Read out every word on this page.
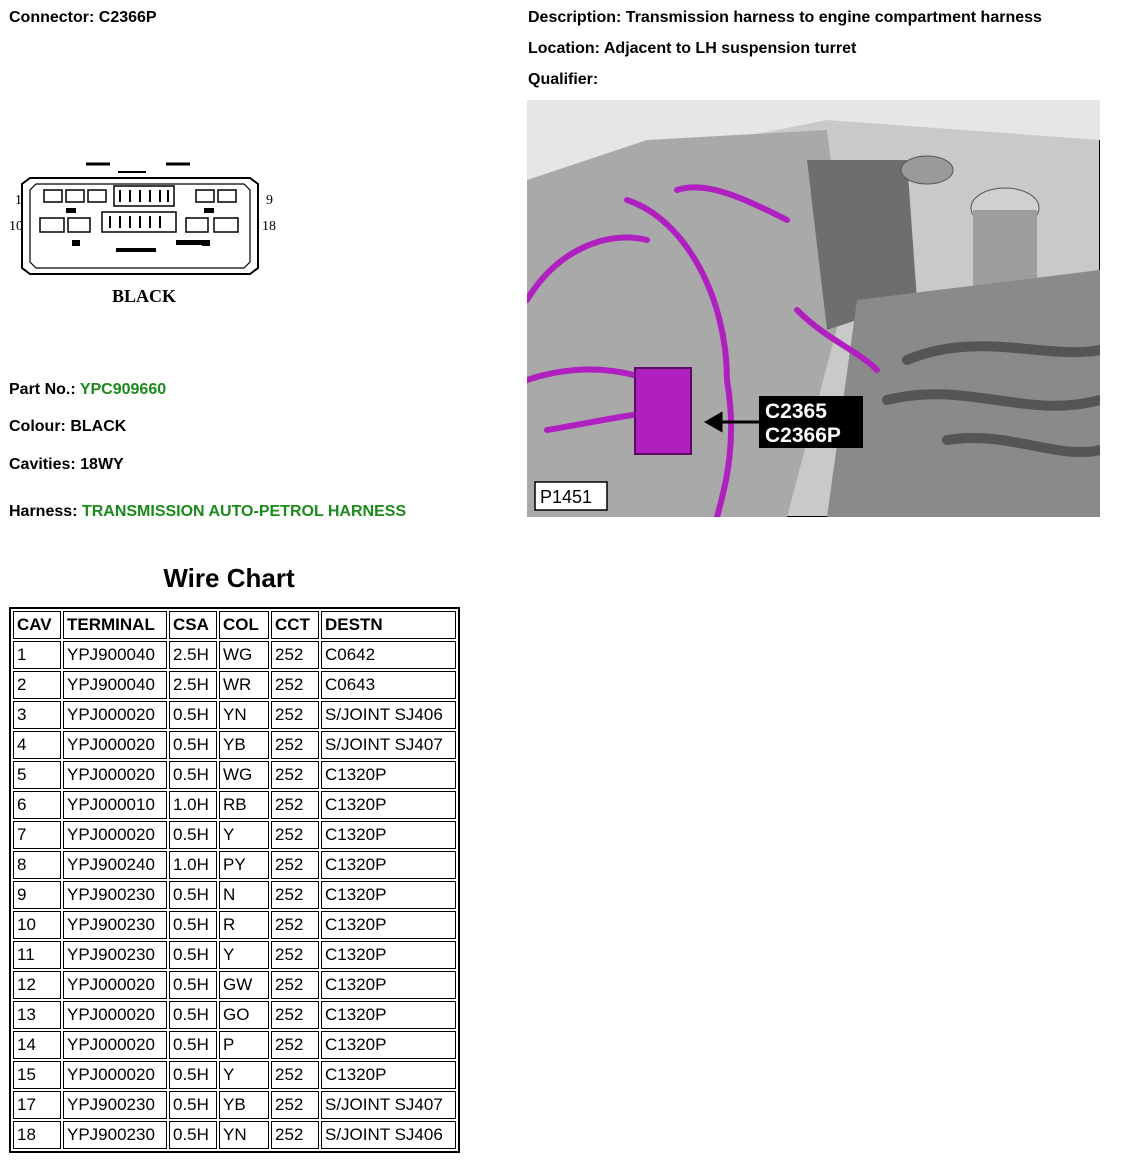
Connector: C2366P	Description: Transmission harness to engine compartment harness
Location: Adjacent to LH suspension turret
Qualifier:
1	9
10	18
BLACK
C2365
C2366P
P1451
Part No.: YPC909660
Colour: BLACK
Cavities: 18WY
Harness: TRANSMISSION AUTO-PETROL HARNESS
Wire Chart
CAV	TERMINAL	CSA	COL	CCT	DESTN
1	YPJ900040	2.5H	WG	252	C0642
2	YPJ900040	2.5H	WR	252	C0643
3	YPJ000020	0.5H	YN	252	S/JOINT SJ406
4	YPJ000020	0.5H	YB	252	S/JOINT SJ407
5	YPJ000020	0.5H	WG	252	C1320P
6	YPJ000010	1.0H	RB	252	C1320P
7	YPJ000020	0.5H	Y	252	C1320P
8	YPJ900240	1.0H	PY	252	C1320P
9	YPJ900230	0.5H	N	252	C1320P
10	YPJ900230	0.5H	R	252	C1320P
11	YPJ900230	0.5H	Y	252	C1320P
12	YPJ000020	0.5H	GW	252	C1320P
13	YPJ000020	0.5H	GO	252	C1320P
14	YPJ000020	0.5H	P	252	C1320P
15	YPJ000020	0.5H	Y	252	C1320P
17	YPJ900230	0.5H	YB	252	S/JOINT SJ407
18	YPJ900230	0.5H	YN	252	S/JOINT SJ406
